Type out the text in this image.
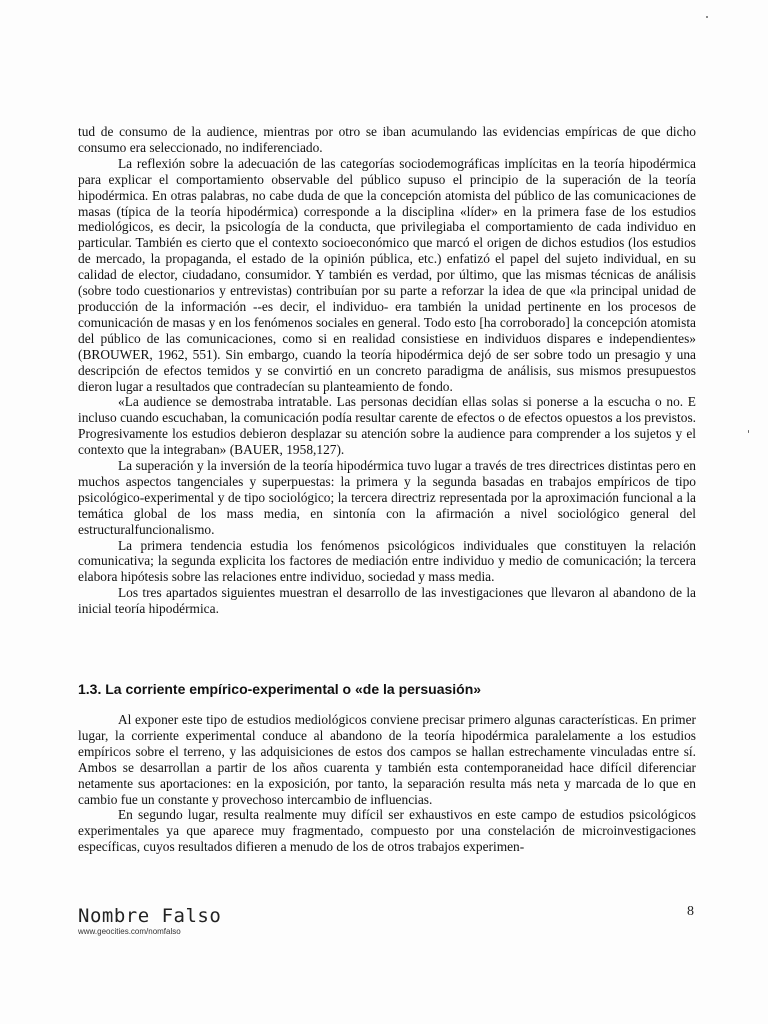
tud de consumo de la audience, mientras por otro se iban acumulando las evidencias empíricas de que dicho consumo era seleccionado, no indiferenciado.

La reflexión sobre la adecuación de las categorías sociodemográficas implícitas en la teoría hipodérmica para explicar el comportamiento observable del público supuso el principio de la superación de la teoría hipodérmica. En otras palabras, no cabe duda de que la concepción atomista del público de las comunicaciones de masas (típica de la teoría hipodérmica) corresponde a la disciplina «líder» en la primera fase de los estudios mediológicos, es decir, la psicología de la conducta, que privilegiaba el comportamiento de cada individuo en particular. También es cierto que el contexto socioeconómico que marcó el origen de dichos estudios (los estudios de mercado, la propaganda, el estado de la opinión pública, etc.) enfatizó el papel del sujeto individual, en su calidad de elector, ciudadano, consumidor. Y también es verdad, por último, que las mismas técnicas de análisis (sobre todo cuestionarios y entrevistas) contribuían por su parte a reforzar la idea de que «la principal unidad de producción de la información --es decir, el individuo- era también la unidad pertinente en los procesos de comunicación de masas y en los fenómenos sociales en general. Todo esto [ha corroborado] la concepción atomista del público de las comunicaciones, como si en realidad consistiese en individuos dispares e independientes» (BROUWER, 1962, 551). Sin embargo, cuando la teoría hipodérmica dejó de ser sobre todo un presagio y una descripción de efectos temidos y se convirtió en un concreto paradigma de análisis, sus mismos presupuestos dieron lugar a resultados que contradecían su planteamiento de fondo.

«La audience se demostraba intratable. Las personas decidían ellas solas si ponerse a la escucha o no. E incluso cuando escuchaban, la comunicación podía resultar carente de efectos o de efectos opuestos a los previstos. Progresivamente los estudios debieron desplazar su atención sobre la audience para comprender a los sujetos y el contexto que la integraban» (BAUER, 1958,127).

La superación y la inversión de la teoría hipodérmica tuvo lugar a través de tres directrices distintas pero en muchos aspectos tangenciales y superpuestas: la primera y la segunda basadas en trabajos empíricos de tipo psicológico-experimental y de tipo sociológico; la tercera directriz representada por la aproximación funcional a la temática global de los mass media, en sintonía con la afirmación a nivel sociológico general del estructuralfuncionalismo.

La primera tendencia estudia los fenómenos psicológicos individuales que constituyen la relación comunicativa; la segunda explicita los factores de mediación entre individuo y medio de comunicación; la tercera elabora hipótesis sobre las relaciones entre individuo, sociedad y mass media.

Los tres apartados siguientes muestran el desarrollo de las investigaciones que llevaron al abandono de la inicial teoría hipodérmica.

1.3. La corriente empírico-experimental o «de la persuasión»

Al exponer este tipo de estudios mediológicos conviene precisar primero algunas características. En primer lugar, la corriente experimental conduce al abandono de la teoría hipodérmica paralelamente a los estudios empíricos sobre el terreno, y las adquisiciones de estos dos campos se hallan estrechamente vinculadas entre sí. Ambos se desarrollan a partir de los años cuarenta y también esta contemporaneidad hace difícil diferenciar netamente sus aportaciones: en la exposición, por tanto, la separación resulta más neta y marcada de lo que en cambio fue un constante y provechoso intercambio de influencias.

En segundo lugar, resulta realmente muy difícil ser exhaustivos en este campo de estudios psicológicos experimentales ya que aparece muy fragmentado, compuesto por una constelación de microinvestigaciones específicas, cuyos resultados difieren a menudo de los de otros trabajos experimen-

Nombre Falso
www.geocities.com/nomfalso
8
